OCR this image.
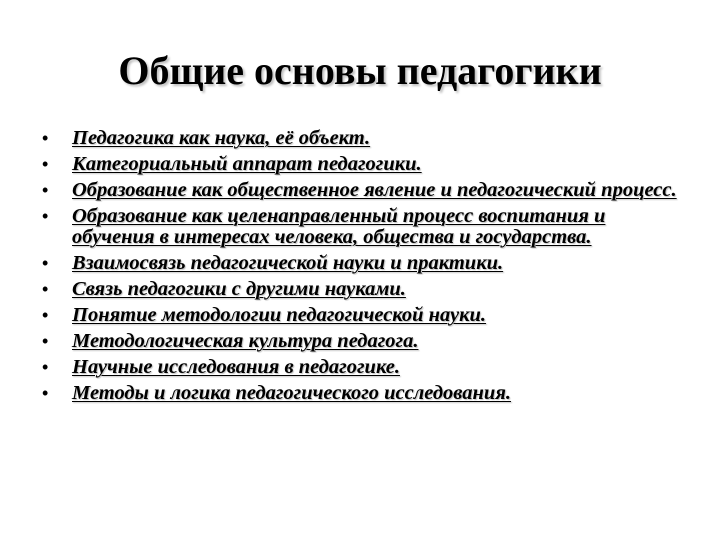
Общие основы педагогики
•	Педагогика как наука, её объект.
•	Категориальный аппарат педагогики.
•	Образование как общественное явление и педагогический процесс.
•	Образование как целенаправленный процесс воспитания и обучения в интересах человека, общества и государства.
•	Взаимосвязь педагогической науки и практики.
•	Связь педагогики с другими науками.
•	Понятие методологии педагогической науки.
•	Методологическая культура педагога.
•	Научные исследования в педагогике.
•	Методы и логика педагогического исследования.
